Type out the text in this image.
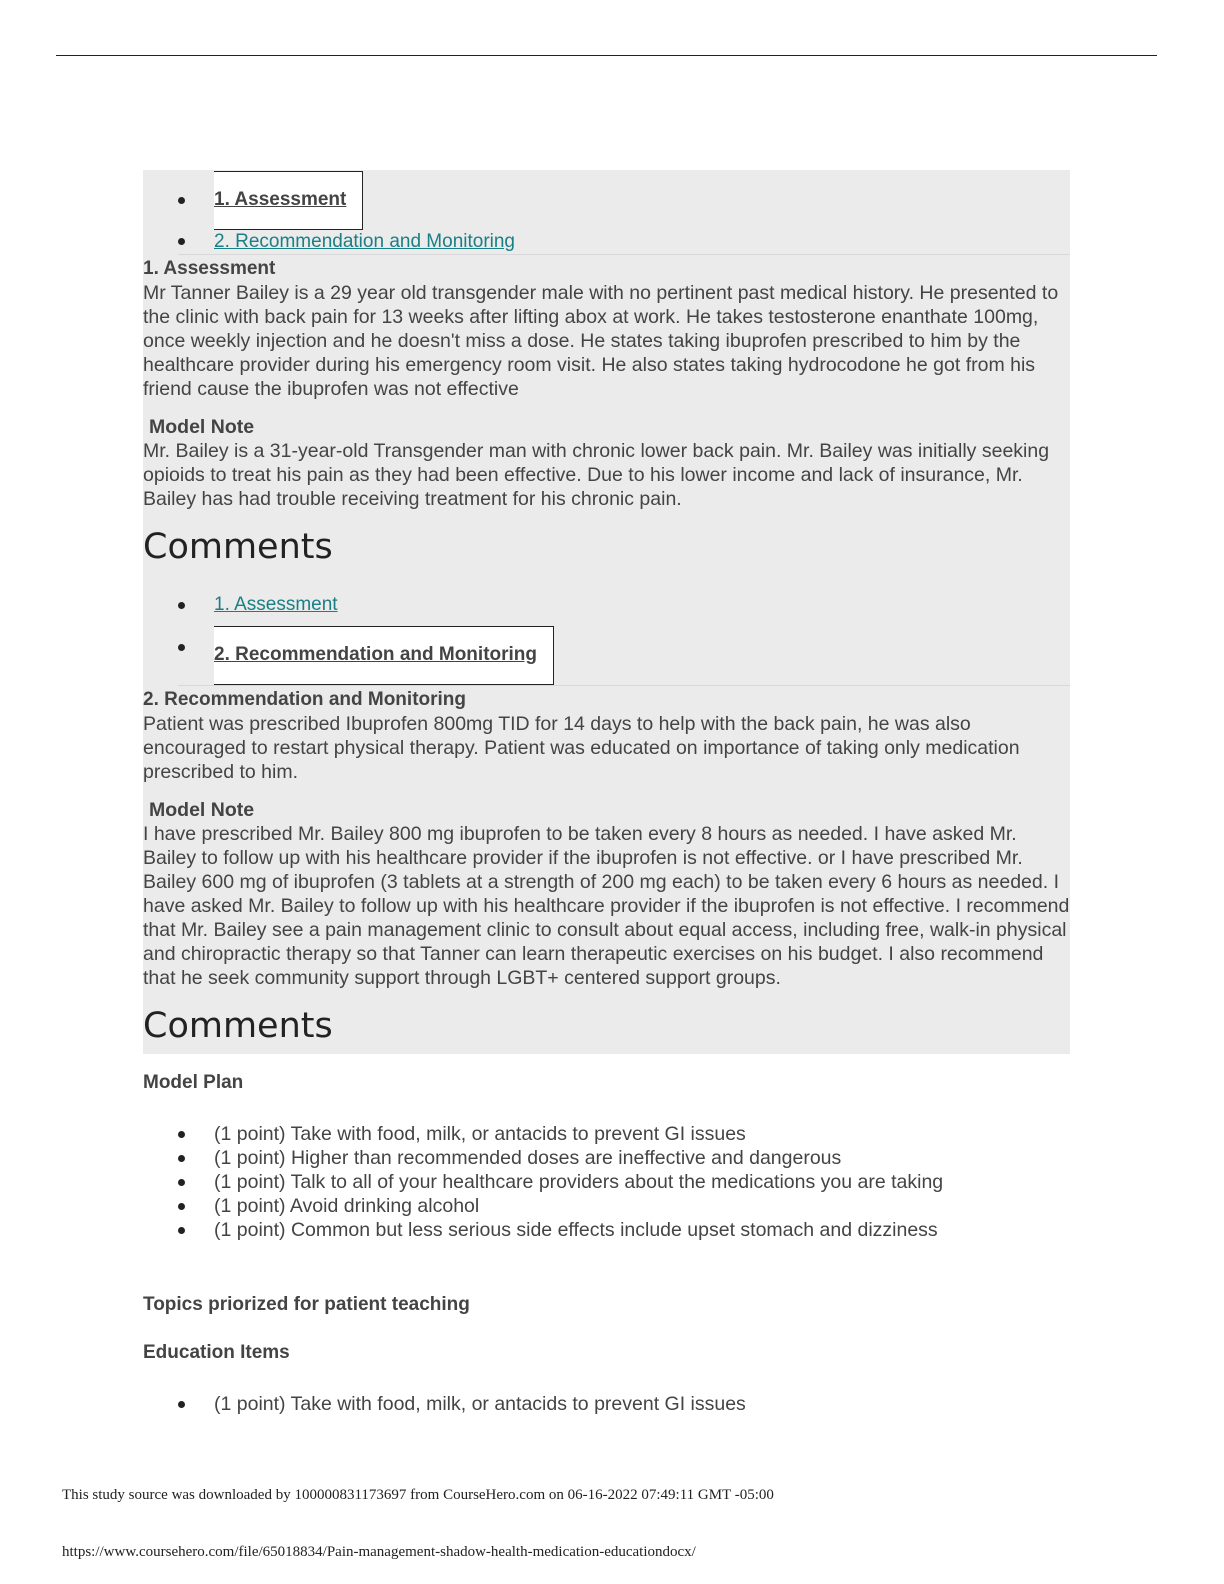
1. Assessment
2. Recommendation and Monitoring
1. Assessment

Mr Tanner Bailey is a 29 year old transgender male with no pertinent past medical history. He presented to the clinic with back pain for 13 weeks after lifting abox at work. He takes testosterone enanthate 100mg, once weekly injection and he doesn't miss a dose. He states taking ibuprofen prescribed to him by the healthcare provider during his emergency room visit. He also states taking hydrocodone he got from his friend cause the ibuprofen was not effective

Model Note

Mr. Bailey is a 31-year-old Transgender man with chronic lower back pain. Mr. Bailey was initially seeking opioids to treat his pain as they had been effective. Due to his lower income and lack of insurance, Mr. Bailey has had trouble receiving treatment for his chronic pain.

Comments
1. Assessment
2. Recommendation and Monitoring
2. Recommendation and Monitoring

Patient was prescribed Ibuprofen 800mg TID for 14 days to help with the back pain, he was also encouraged to restart physical therapy. Patient was educated on importance of taking only medication prescribed to him.

Model Note

I have prescribed Mr. Bailey 800 mg ibuprofen to be taken every 8 hours as needed. I have asked Mr. Bailey to follow up with his healthcare provider if the ibuprofen is not effective. or I have prescribed Mr. Bailey 600 mg of ibuprofen (3 tablets at a strength of 200 mg each) to be taken every 6 hours as needed. I have asked Mr. Bailey to follow up with his healthcare provider if the ibuprofen is not effective. I recommend that Mr. Bailey see a pain management clinic to consult about equal access, including free, walk-in physical and chiropractic therapy so that Tanner can learn therapeutic exercises on his budget. I also recommend that he seek community support through LGBT+ centered support groups.

Comments
Model Plan
(1 point) Take with food, milk, or antacids to prevent GI issues
(1 point) Higher than recommended doses are ineffective and dangerous
(1 point) Talk to all of your healthcare providers about the medications you are taking
(1 point) Avoid drinking alcohol
(1 point) Common but less serious side effects include upset stomach and dizziness
Topics priorized for patient teaching
Education Items
(1 point) Take with food, milk, or antacids to prevent GI issues
This study source was downloaded by 100000831173697 from CourseHero.com on 06-16-2022 07:49:11 GMT -05:00
https://www.coursehero.com/file/65018834/Pain-management-shadow-health-medication-educationdocx/
